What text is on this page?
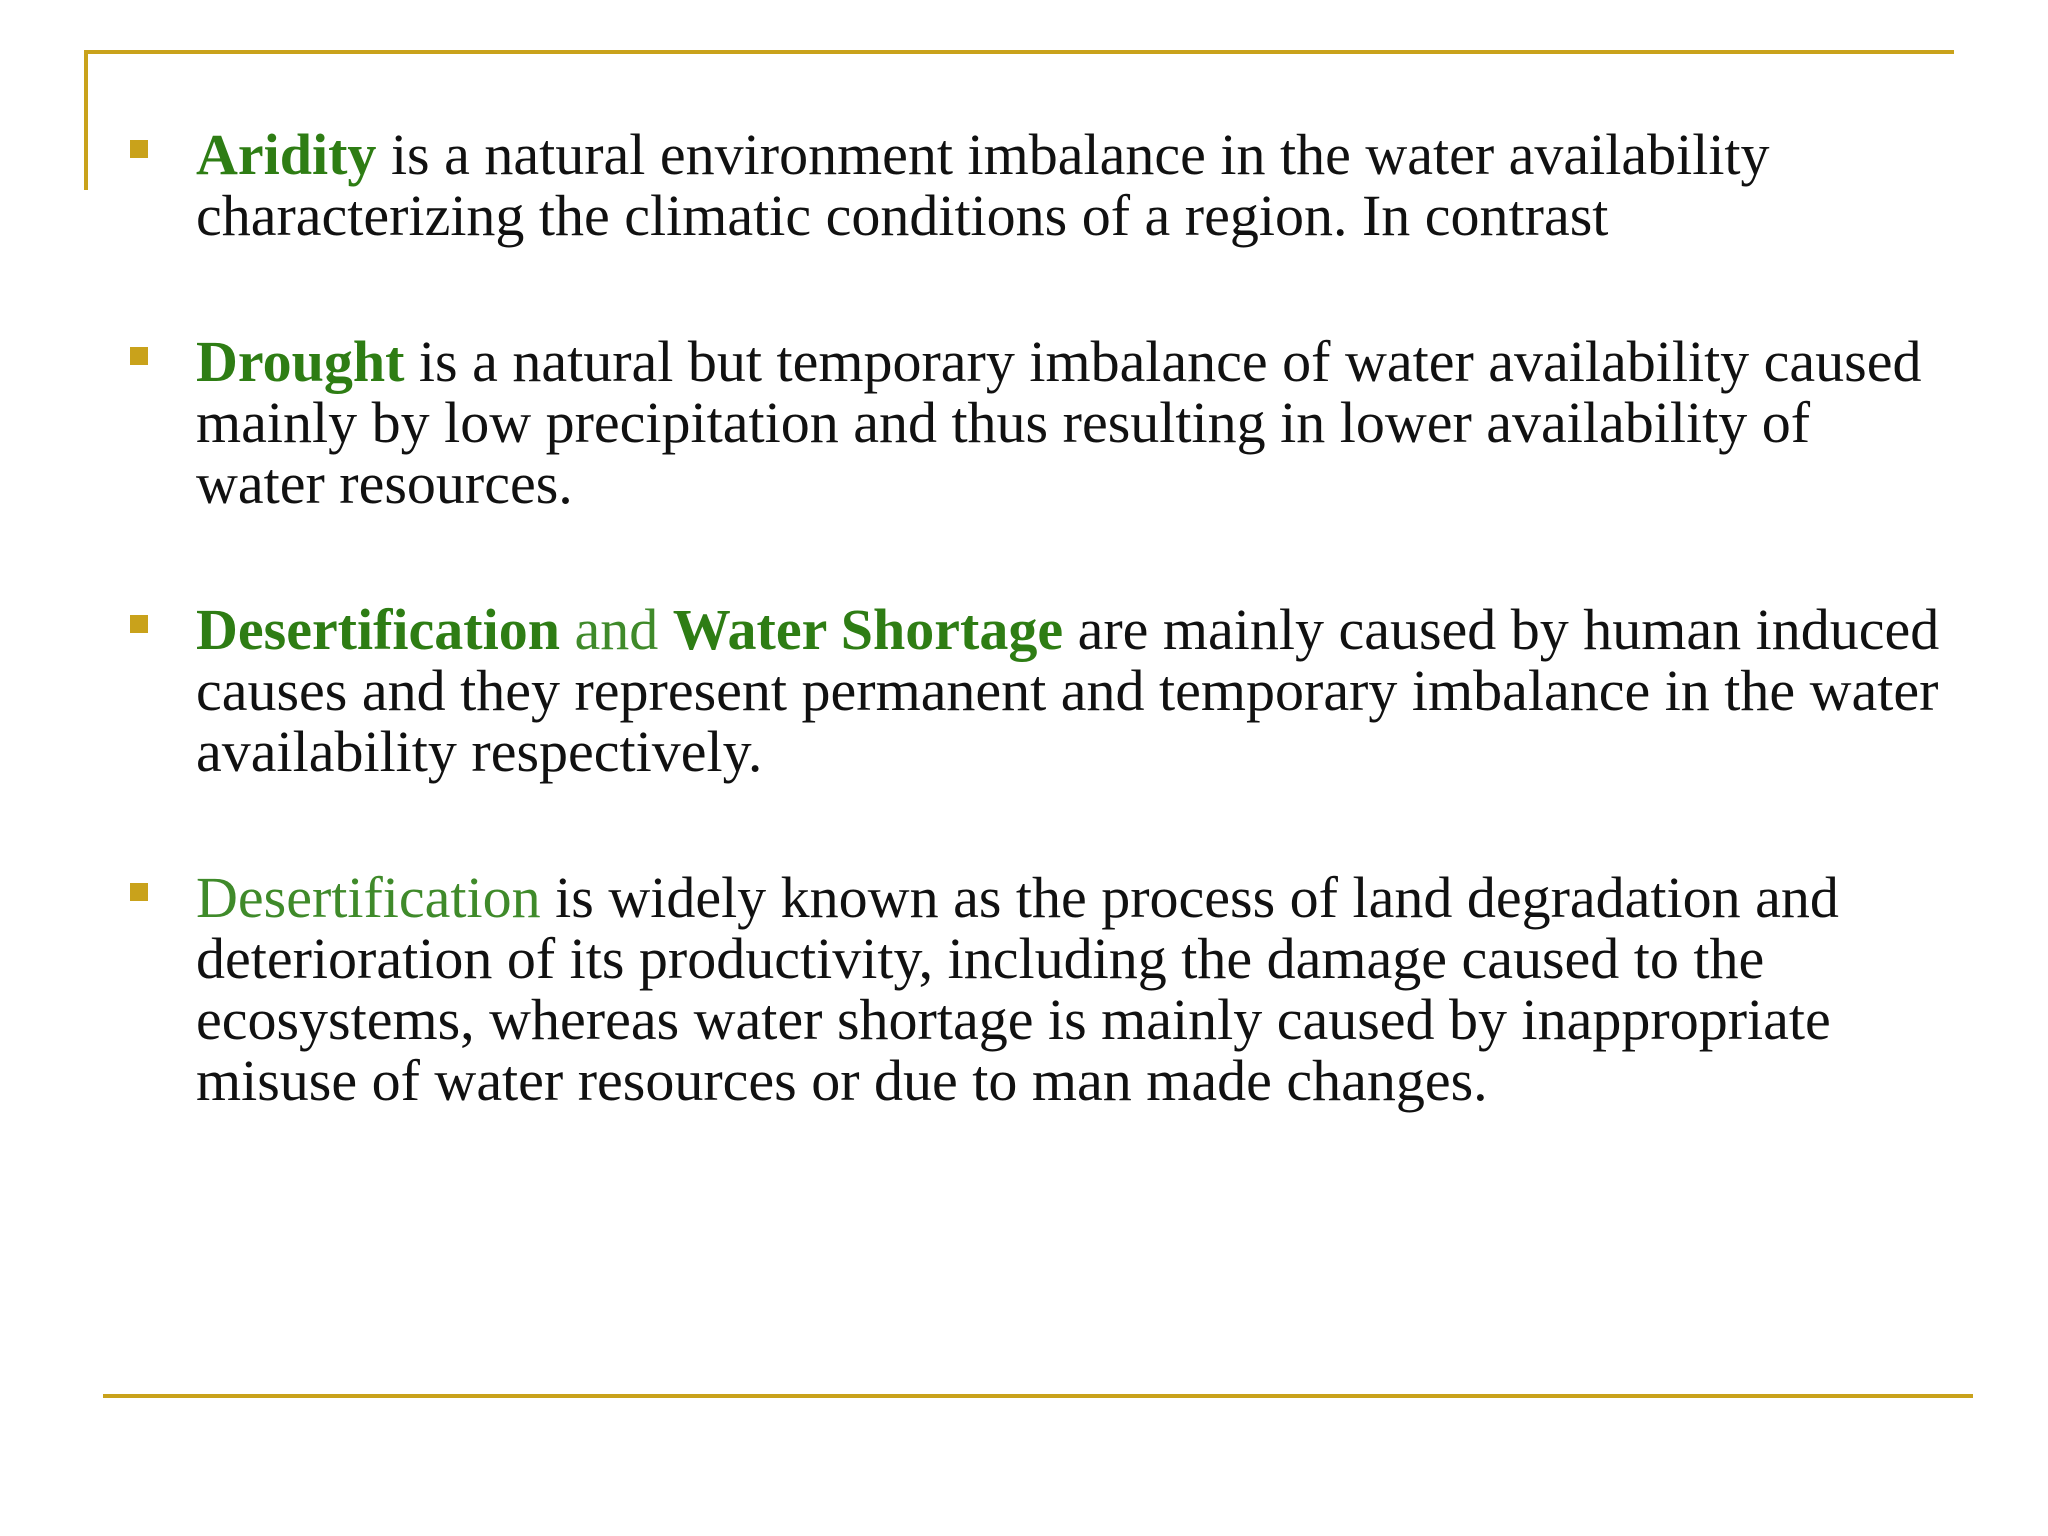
Aridity is a natural environment imbalance in the water availability characterizing the climatic conditions of a region. In contrast
Drought is a natural but temporary imbalance of water availability caused mainly by low precipitation and thus resulting in lower availability of water resources.
Desertification and Water Shortage are mainly caused by human induced causes and they represent permanent and temporary imbalance in the water availability respectively.
Desertification is widely known as the process of land degradation and deterioration of its productivity, including the damage caused to the ecosystems, whereas water shortage is mainly caused by inappropriate misuse of water resources or due to man made changes.
